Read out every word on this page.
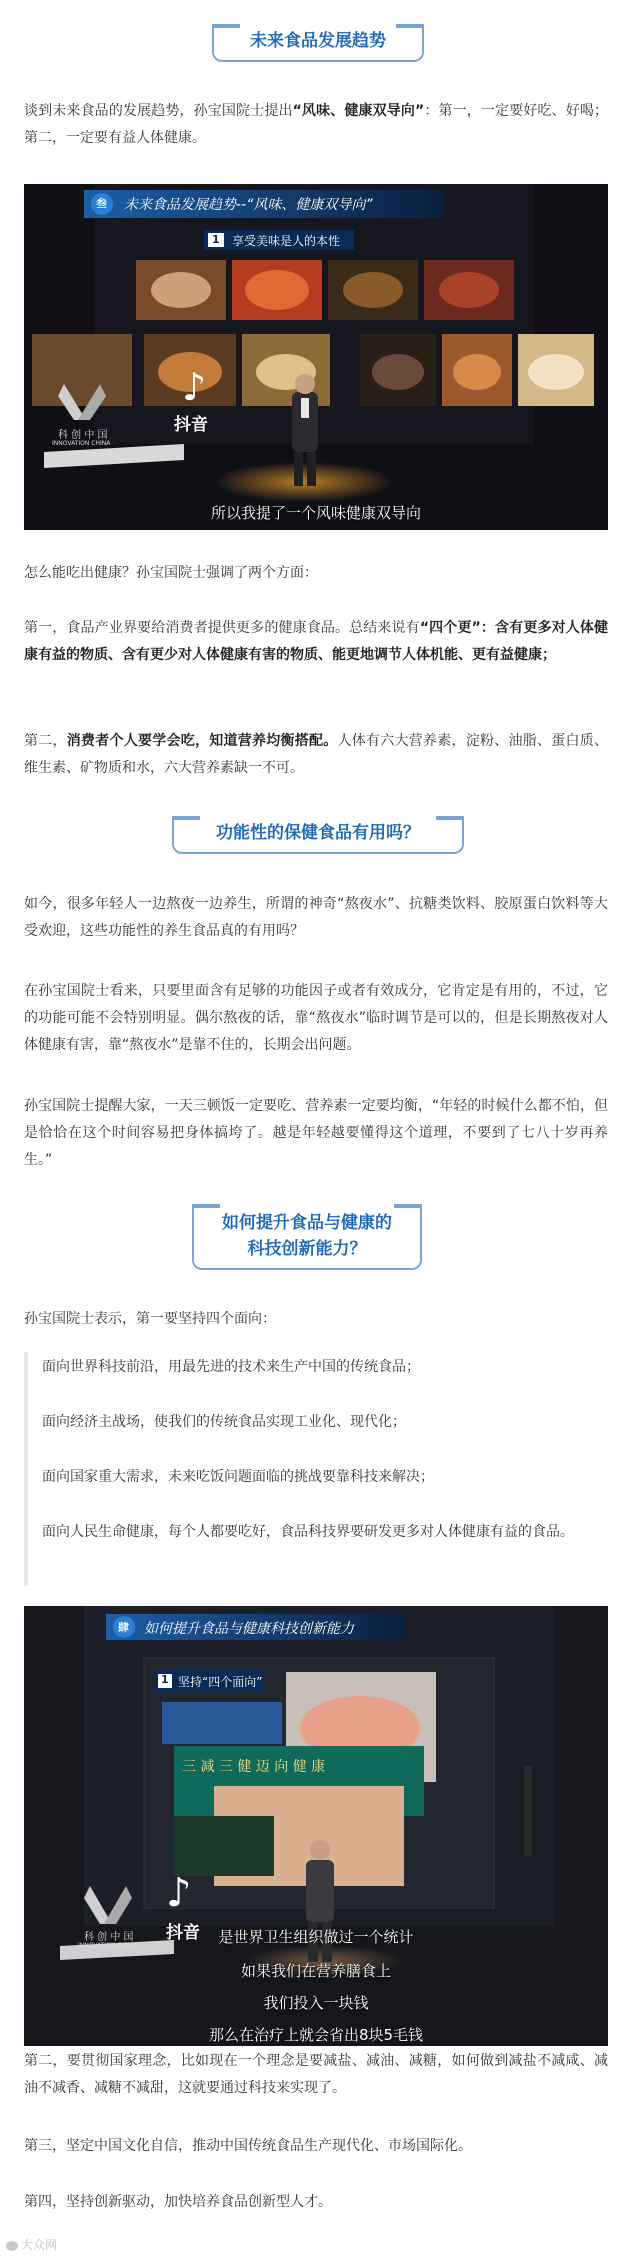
未来食品发展趋势

谈到未来食品的发展趋势，孙宝国院士提出“风味、健康双导向”：第一，一定要好吃、好喝；第二，一定要有益人体健康。

♪
未来食品发展趋势--“风味、健康双导向”
叁
1 享受美味是人的本性
科 创 中 国
INNOVATION CHINA
抖音
所以我提了一个风味健康双导向

怎么能吃出健康？孙宝国院士强调了两个方面：

第一，食品产业界要给消费者提供更多的健康食品。总结来说有“四个更”：含有更多对人体健康有益的物质、含有更少对人体健康有害的物质、能更地调节人体机能、更有益健康；

第二，消费者个人要学会吃，知道营养均衡搭配。人体有六大营养素，淀粉、油脂、蛋白质、维生素、矿物质和水，六大营养素缺一不可。

功能性的保健食品有用吗？

如今，很多年轻人一边熬夜一边养生，所谓的神奇“熬夜水”、抗糖类饮料、胶原蛋白饮料等大受欢迎，这些功能性的养生食品真的有用吗？

在孙宝国院士看来，只要里面含有足够的功能因子或者有效成分，它肯定是有用的，不过，它的功能可能不会特别明显。偶尔熬夜的话，靠“熬夜水”临时调节是可以的，但是长期熬夜对人体健康有害，靠“熬夜水”是靠不住的，长期会出问题。

孙宝国院士提醒大家，一天三顿饭一定要吃、营养素一定要均衡，“年轻的时候什么都不怕，但是恰恰在这个时间容易把身体搞垮了。越是年轻越要懂得这个道理，不要到了七八十岁再养生。”

如何提升食品与健康的
科技创新能力？

孙宝国院士表示，第一要坚持四个面向：

面向世界科技前沿，用最先进的技术来生产中国的传统食品；

面向经济主战场，使我们的传统食品实现工业化、现代化；

面向国家重大需求，未来吃饭问题面临的挑战要靠科技来解决；

面向人民生命健康，每个人都要吃好，食品科技界要研发更多对人体健康有益的食品。

♪
如何提升食品与健康科技创新能力
肆
1 坚持“四个面向”
三 减 三 健 迈 向 健 康
科 创 中 国
INNOVATION CHINA
抖音	是世界卫生组织做过一个统计
如果我们在营养膳食上
我们投入一块钱
那么在治疗上就会省出8块5毛钱

第二，要贯彻国家理念，比如现在一个理念是要减盐、减油、减糖，如何做到减盐不减咸、减油不减香、减糖不减甜，这就要通过科技来实现了。

第三，坚定中国文化自信，推动中国传统食品生产现代化、市场国际化。

第四，坚持创新驱动，加快培养食品创新型人才。

大众网
